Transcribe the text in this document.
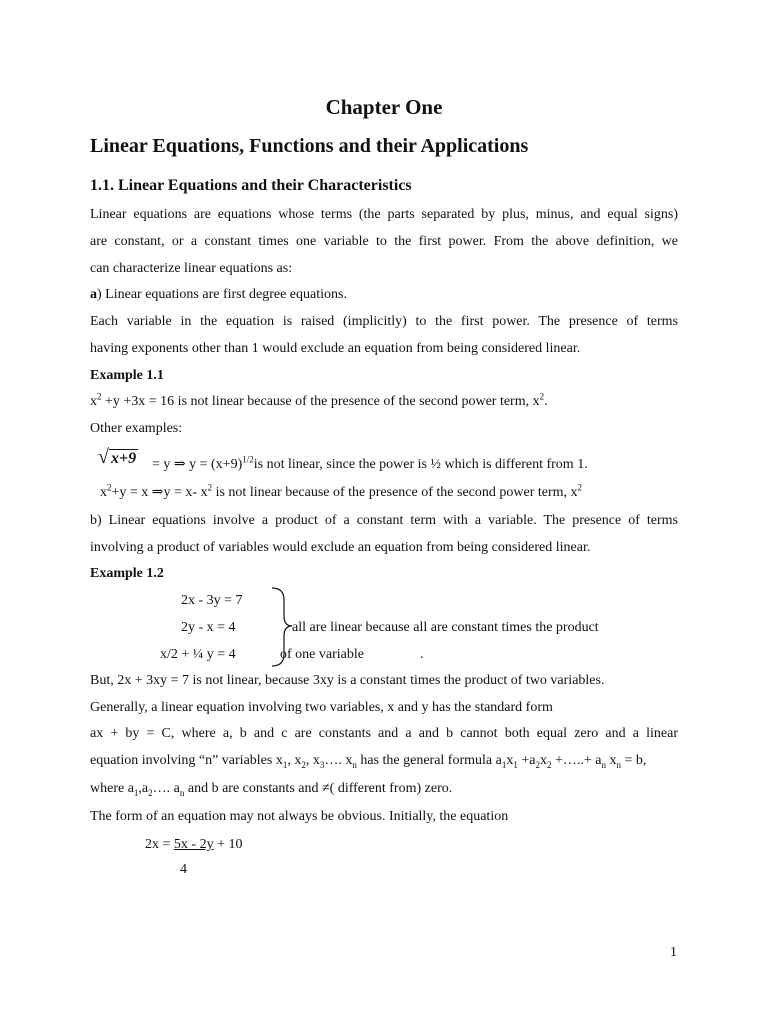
Chapter One
Linear Equations, Functions and their Applications
1.1. Linear Equations and their Characteristics
Linear equations are equations whose terms (the parts separated by plus, minus, and equal signs)
are constant, or a constant times one variable to the first power. From the above definition, we
can characterize linear equations as:
a) Linear equations are first degree equations.
Each variable in the equation is raised (implicitly) to the first power. The presence of terms
having exponents other than 1 would exclude an equation from being considered linear.
Example 1.1
$x^2 +y +3x = 16$ is not linear because of the presence of the second power term, $x^2$.
Other examples:
√ x+9 = y ⇒ $y = (x+9)^{1/2}is$ not linear, since the power is ½ which is different from 1.
$x^2+y = x$ ⇒y = x- $x^2$ is not linear because of the presence of the second power term, $x^2$
b) Linear equations involve a product of a constant term with a variable. The presence of terms
involving a product of variables would exclude an equation from being considered linear.
Example 1.2
2x - 3y = 7
2y - x = 4
x/2 + ¼ y = 4
all are linear because all are constant times the product
of one variable	.
But, 2x + 3xy = 7 is not linear, because 3xy is a constant times the product of two variables.
Generally, a linear equation involving two variables, x and y has the standard form
ax + by = C, where a, b and c are constants and a and b cannot both equal zero and a linear
equation involving “n” variables $x_1$, $x_2$, $x_3\dots$. $x_n$ has the general formula $a_1x_1 +a_2x_2$ +…..+ $a_n$ $x_n = b$,
where $a_1,a_2\dots$. $a_n$ and b are constants and ≠( different from) zero.
The form of an equation may not always be obvious. Initially, the equation
2x = 5x - 2y + 10
4
1
